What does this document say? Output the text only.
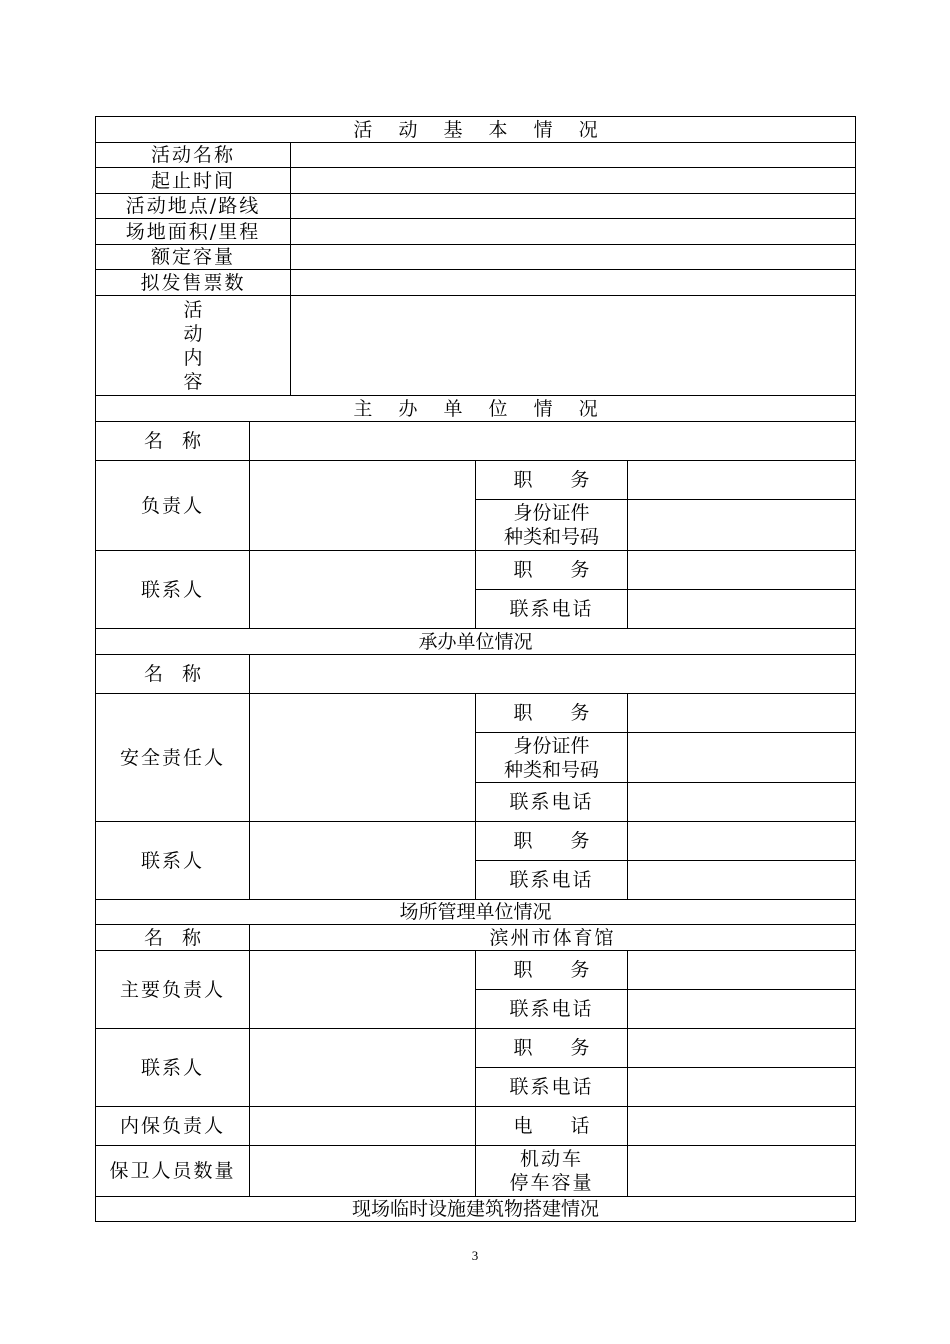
活 动 基 本 情 况				
活动名称				
起止时间				
活动地点/路线				
场地面积/里程				
额定容量				
拟发售票数				

活
动
内
容				

主 办 单 位 情 况				
名　称				
负责人			职　　务	

			身份证件
种类和号码	

联系人			职　　务	
			联系电话	
承办单位情况				
名　称				
安全责任人			职　　务	

			身份证件
种类和号码	

			联系电话	
联系人			职　　务	
			联系电话	
场所管理单位情况				
名　称	滨州市体育馆			
主要负责人			职　　务	
			联系电话	
联系人			职　　务	
			联系电话	
内保负责人			电　　话	
保卫人员数量			机动车
停车容量	

现场临时设施建筑物搭建情况				
3
